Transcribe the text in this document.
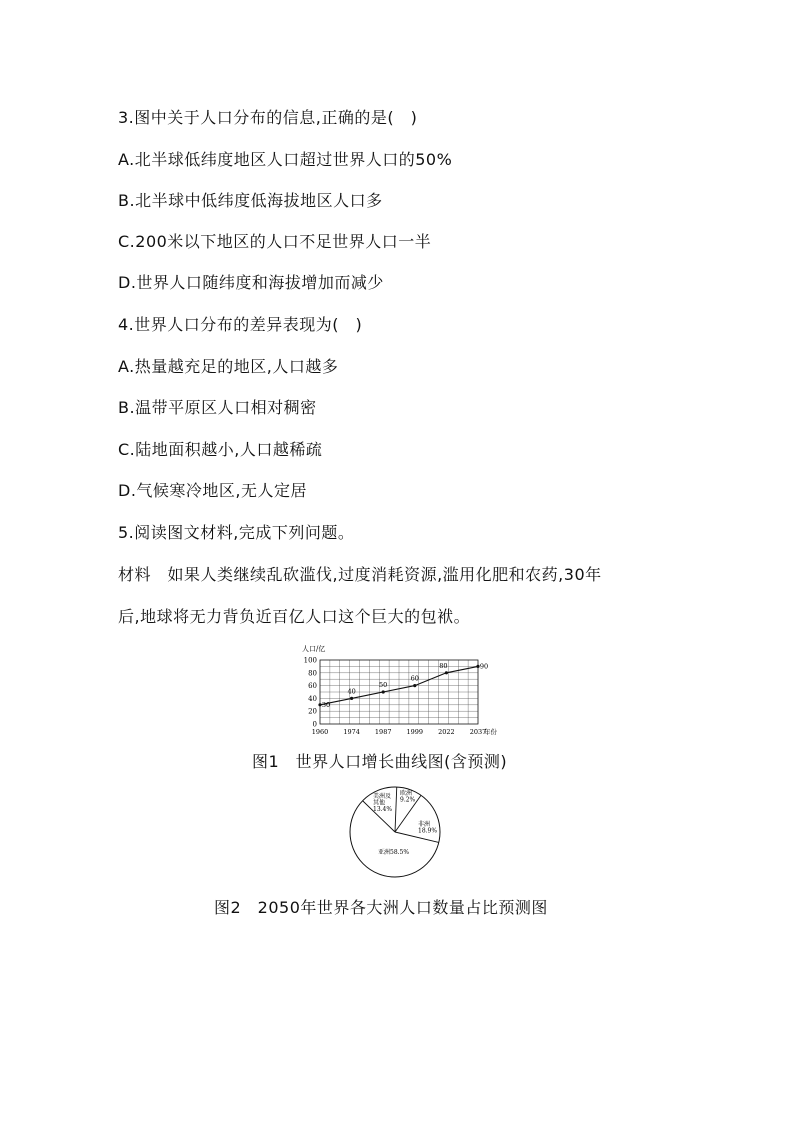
3.图中关于人口分布的信息,正确的是(　)
A.北半球低纬度地区人口超过世界人口的50%
B.北半球中低纬度低海拔地区人口多
C.200米以下地区的人口不足世界人口一半
D.世界人口随纬度和海拔增加而减少
4.世界人口分布的差异表现为(　)
A.热量越充足的地区,人口越多
B.温带平原区人口相对稠密
C.陆地面积越小,人口越稀疏
D.气候寒冷地区,无人定居
5.阅读图文材料,完成下列问题。
材料　如果人类继续乱砍滥伐,过度消耗资源,滥用化肥和农药,30年
后,地球将无力背负近百亿人口这个巨大的包袱。
0
20
40
60
80
100
人口/亿
1960 1974 1987 1999 2022 2037
年份
30
40
50
60
80	90
图1　世界人口增长曲线图(含预测)
美洲及其他 13.4%
欧洲 9.2%
非洲 18.9%
亚洲58.5%
图2　2050年世界各大洲人口数量占比预测图
